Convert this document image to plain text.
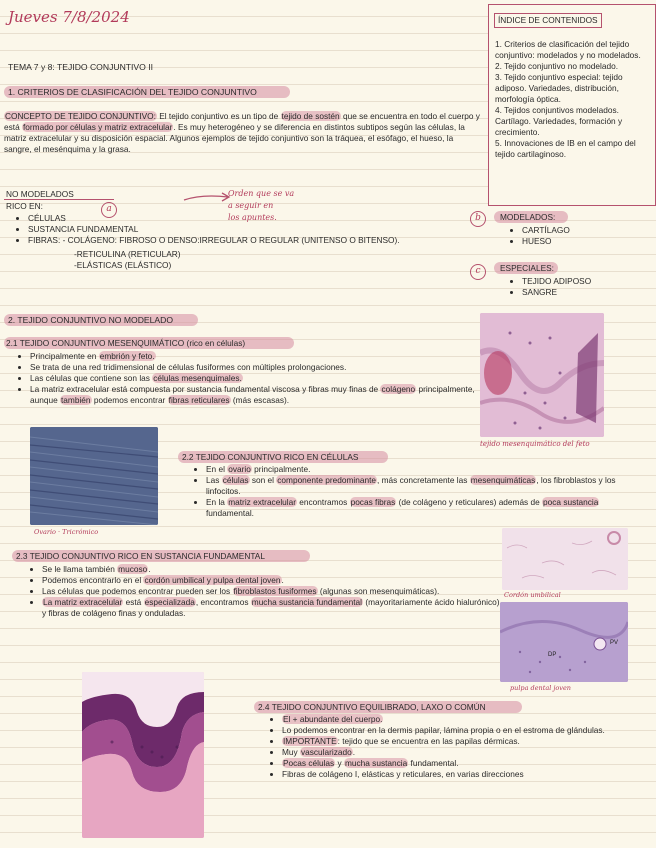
Jueves 7/8/2024
TEMA 7 y 8: TEJIDO CONJUNTIVO II
ÍNDICE DE CONTENIDOS
1. Criterios de clasificación del tejido conjuntivo: modelados y no modelados.
2. Tejido conjuntivo no modelado.
3. Tejido conjuntivo especial: tejido adiposo. Variedades, distribución, morfología óptica.
4. Tejidos conjuntivos modelados. Cartílago. Variedades, formación y crecimiento.
5. Innovaciones de IB en el campo del tejido cartilaginoso.
1. CRITERIOS DE CLASIFICACIÓN DEL TEJIDO CONJUNTIVO
CONCEPTO DE TEJIDO CONJUNTIVO: El tejido conjuntivo es un tipo de tejido de sostén que se encuentra en todo el cuerpo y está formado por células y matriz extracelular. Es muy heterogéneo y se diferencia en distintos subtipos según las células, la matriz extracelular y su disposición espacial. Algunos ejemplos de tejido conjuntivo son la tráquea, el esófago, el hueso, la sangre, el mesénquima y la grasa.
NO MODELADOS
RICO EN:	a
• CÉLULAS
• SUSTANCIA FUNDAMENTAL
• FIBRAS: - COLÁGENO: FIBROSO O DENSO:IRREGULAR O REGULAR (UNITENSO O BITENSO).
-RETICULINA (RETICULAR)
-ELÁSTICAS (ELÁSTICO)
Orden que se va
a seguir en
los apuntes.	b	MODELADOS:
• CARTÍLAGO
• HUESO
c	ESPECIALES:
• TEJIDO ADIPOSO
• SANGRE
2. TEJIDO CONJUNTIVO NO MODELADO
2.1 TEJIDO CONJUNTIVO MESENQUIMÁTICO (rico en células)
• Principalmente en embrión y feto.
• Se trata de una red tridimensional de células fusiformes con múltiples prolongaciones.
• Las células que contiene son las células mesenquimales.
• La matriz extracelular está compuesta por sustancia fundamental viscosa y fibras muy finas de colágeno principalmente, aunque también podemos encontrar fibras reticulares (más escasas).
tejido mesenquimático del feto
Ovario · Tricrómico
2.2 TEJIDO CONJUNTIVO RICO EN CÉLULAS
• En el ovario principalmente.
• Las células son el componente predominante, más concretamente las mesenquimáticas, los fibroblastos y los linfocitos.
• En la matriz extracelular encontramos pocas fibras (de colágeno y reticulares) además de poca sustancia fundamental.
2.3 TEJIDO CONJUNTIVO RICO EN SUSTANCIA FUNDAMENTAL
• Se le llama también mucoso.
• Podemos encontrarlo en el cordón umbilical y pulpa dental joven.
• Las células que podemos encontrar pueden ser los fibroblastos fusiformes (algunas son mesenquimáticas).
• La matriz extracelular está especializada, encontramos mucha sustancia fundamental (mayoritariamente ácido hialurónico) y fibras de colágeno finas y onduladas.
Cordón umbilical
DP
PV
pulpa dental joven
2.4 TEJIDO CONJUNTIVO EQUILIBRADO, LAXO O COMÚN
• El + abundante del cuerpo.
• Lo podemos encontrar en la dermis papilar, lámina propia o en el estroma de glándulas.
• IMPORTANTE: tejido que se encuentra en las papilas dérmicas.
• Muy vascularizado.
• Pocas células y mucha sustancia fundamental.
• Fibras de colágeno I, elásticas y reticulares, en varias direcciones
